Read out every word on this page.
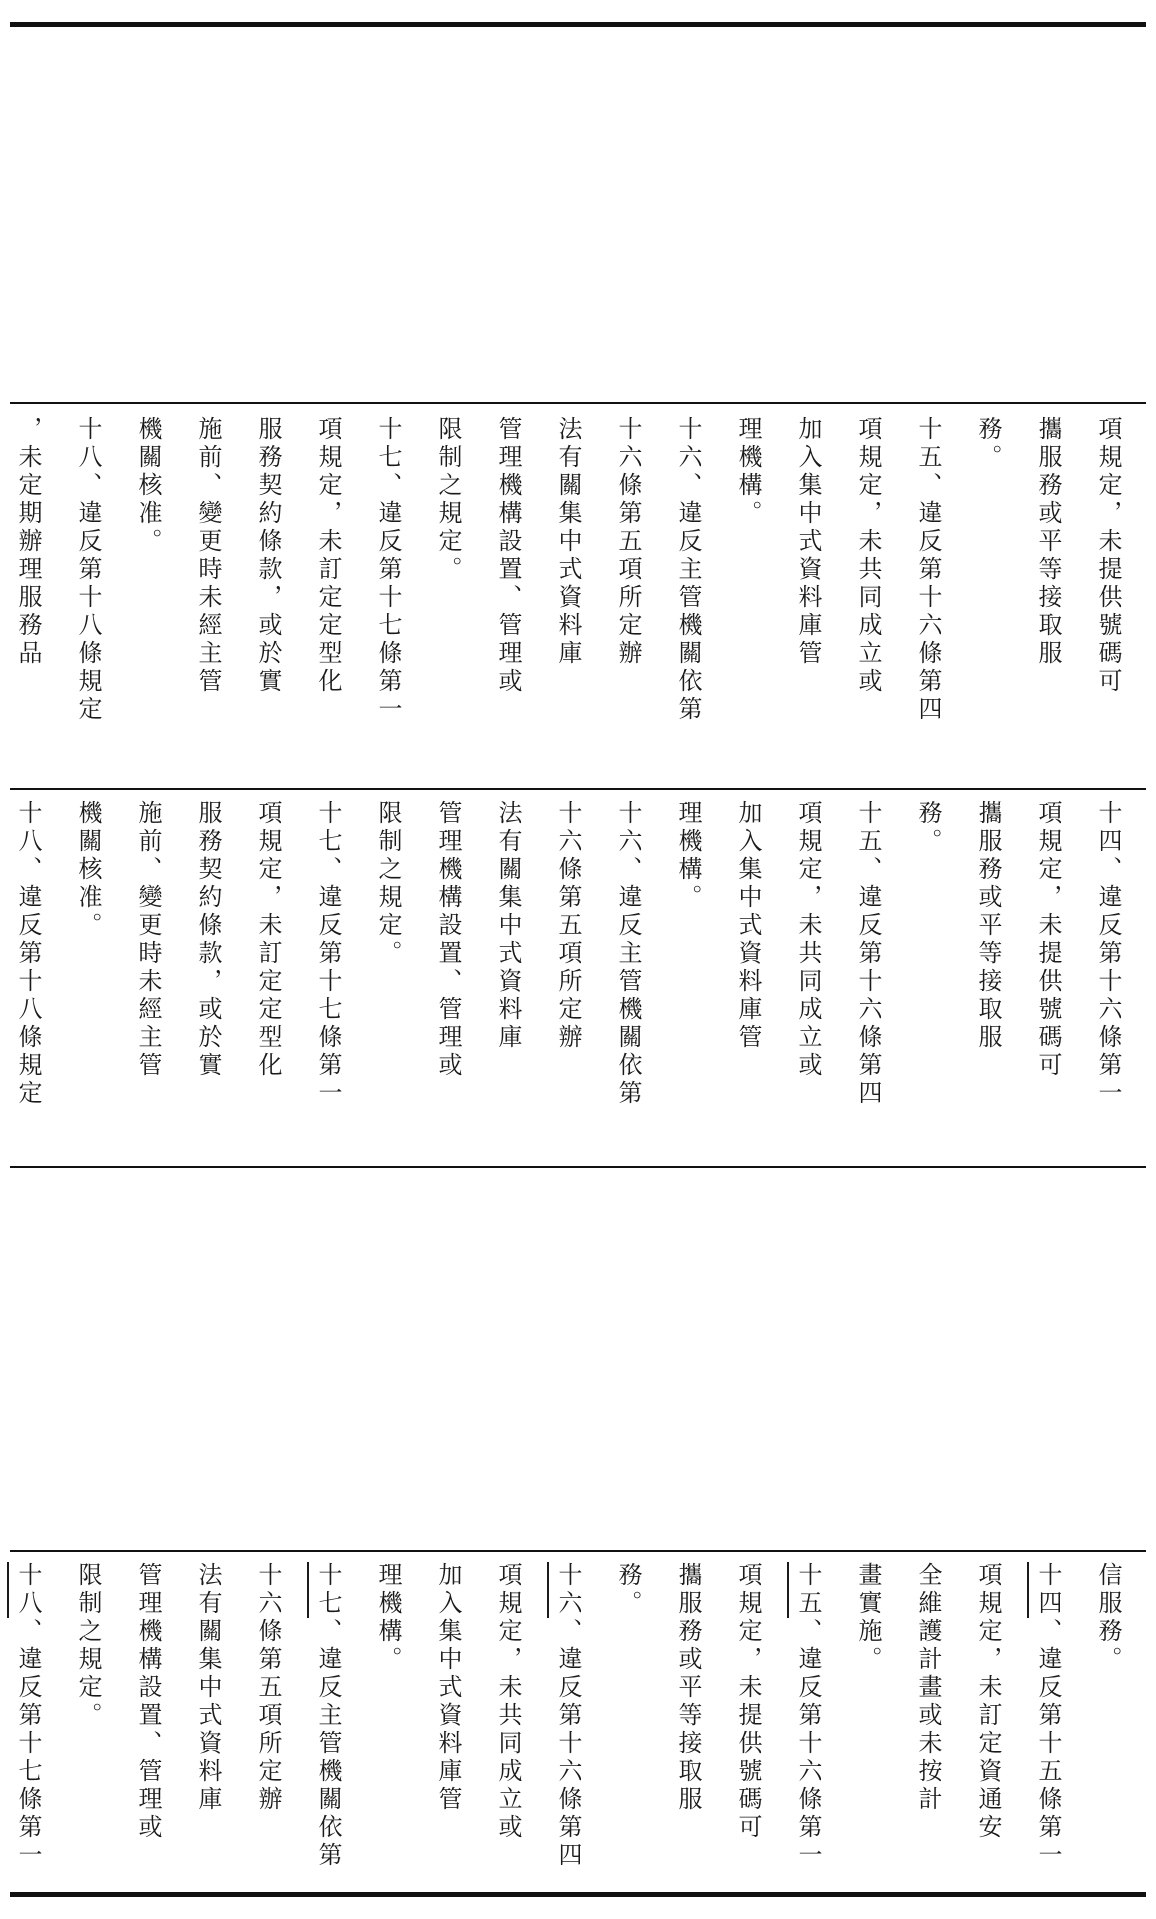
項規定，未提供號碼可
攜服務或平等接取服
務。
十五、違反第十六條第四
項規定，未共同成立或
加入集中式資料庫管
理機構。
十六、違反主管機關依第
十六條第五項所定辦
法有關集中式資料庫
管理機構設置、管理或
限制之規定。
十七、違反第十七條第一
項規定，未訂定定型化
服務契約條款，或於實
施前、變更時未經主管
機關核准。
十八、違反第十八條規定
，未定期辦理服務品
十四、違反第十六條第一
項規定，未提供號碼可
攜服務或平等接取服
務。
十五、違反第十六條第四
項規定，未共同成立或
加入集中式資料庫管
理機構。
十六、違反主管機關依第
十六條第五項所定辦
法有關集中式資料庫
管理機構設置、管理或
限制之規定。
十七、違反第十七條第一
項規定，未訂定定型化
服務契約條款，或於實
施前、變更時未經主管
機關核准。
十八、違反第十八條規定
信服務。
十四、違反第十五條第一
項規定，未訂定資通安
全維護計畫或未按計
畫實施。
十五、違反第十六條第一
項規定，未提供號碼可
攜服務或平等接取服
務。
十六、違反第十六條第四
項規定，未共同成立或
加入集中式資料庫管
理機構。
十七、違反主管機關依第
十六條第五項所定辦
法有關集中式資料庫
管理機構設置、管理或
限制之規定。
十八、違反第十七條第一
